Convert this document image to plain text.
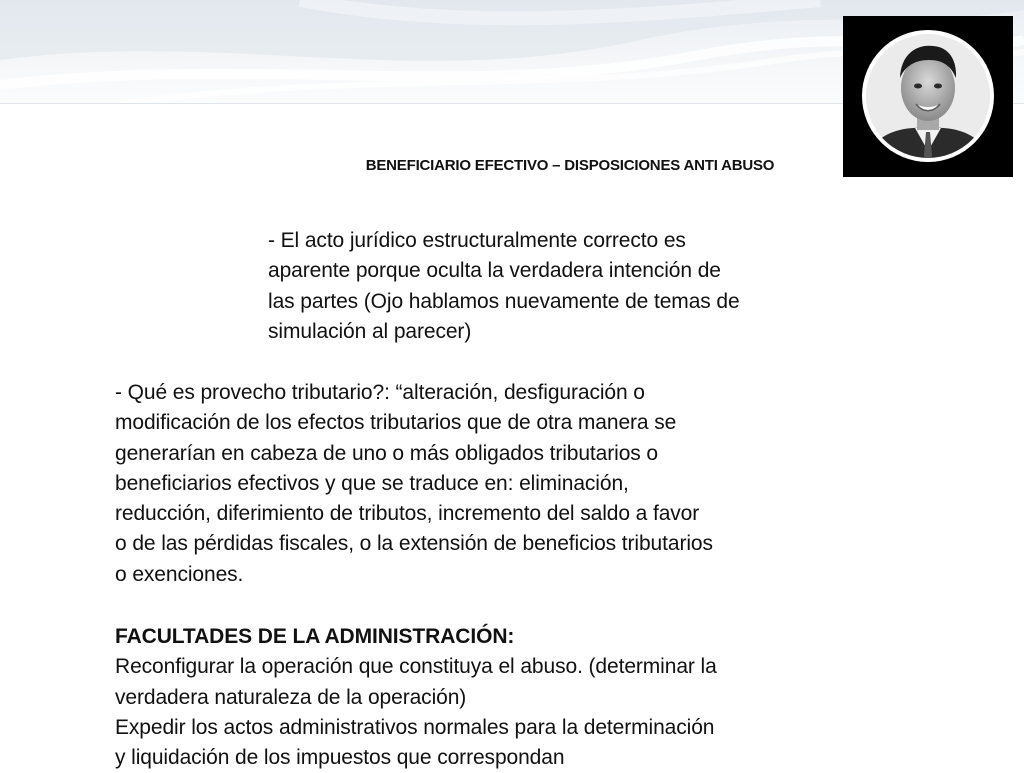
BENEFICIARIO EFECTIVO – DISPOSICIONES ANTI ABUSO
- El acto jurídico estructuralmente correcto es
aparente porque oculta la verdadera intención de
las partes (Ojo hablamos nuevamente de temas de
simulación al parecer)
- Qué es provecho tributario?: “alteración, desfiguración o
modificación de los efectos tributarios que de otra manera se
generarían en cabeza de uno o más obligados tributarios o
beneficiarios efectivos y que se traduce en: eliminación,
reducción, diferimiento de tributos, incremento del saldo a favor
o de las pérdidas fiscales, o la extensión de beneficios tributarios
o exenciones.
FACULTADES DE LA ADMINISTRACIÓN:
Reconfigurar la operación que constituya el abuso. (determinar la
verdadera naturaleza de la operación)
Expedir los actos administrativos normales para la determinación
y liquidación de los impuestos que correspondan
